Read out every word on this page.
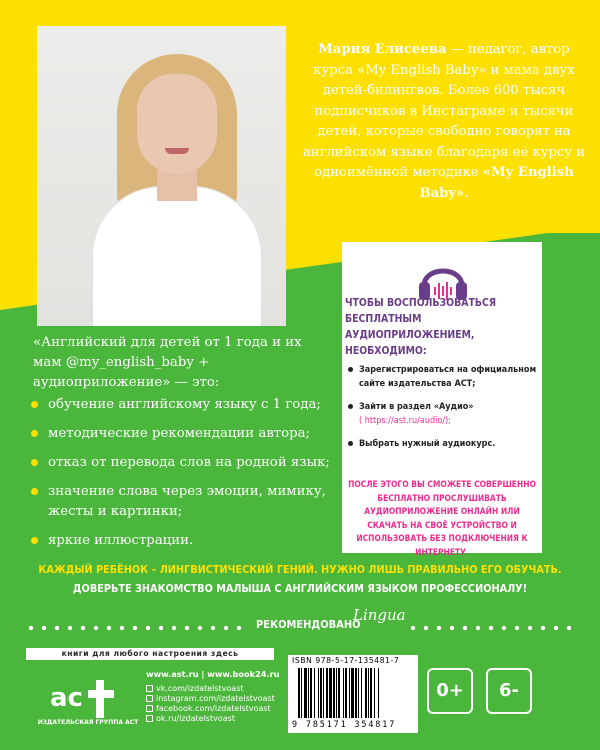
Мария Елисеева — педагог, автор курса «My English Baby» и мама двух детей-билингвов. Более 600 тысяч подписчиков в Инстаграме и тысячи детей, которые свободно говорят на английском языке благодаря её курсу и одноимённой методике «My English Baby».
«Английский для детей от 1 года и их мам @my_english_baby + аудиоприложение» — это:
обучение английскому языку с 1 года;
методические рекомендации автора;
отказ от перевода слов на родной язык;
значение слова через эмоции, мимику, жесты и картинки;
яркие иллюстрации.
ЧТОБЫ ВОСПОЛЬЗОВАТЬСЯ БЕСПЛАТНЫМ АУДИОПРИЛОЖЕНИЕМ, НЕОБХОДИМО:
Зарегистрироваться на официальном сайте издательства АСТ;
Зайти в раздел «Аудио»
( https://ast.ru/audio/);
Выбрать нужный аудиокурс.
ПОСЛЕ ЭТОГО ВЫ СМОЖЕТЕ СОВЕРШЕННО БЕСПЛАТНО ПРОСЛУШИВАТЬ АУДИОПРИЛОЖЕНИЕ ОНЛАЙН ИЛИ СКАЧАТЬ НА СВОЁ УСТРОЙСТВО И ИСПОЛЬЗОВАТЬ БЕЗ ПОДКЛЮЧЕНИЯ К ИНТЕРНЕТУ.
КАЖДЫЙ РЕБЁНОК – ЛИНГВИСТИЧЕСКИЙ ГЕНИЙ. НУЖНО ЛИШЬ ПРАВИЛЬНО ЕГО ОБУЧАТЬ.
ДОВЕРЬТЕ ЗНАКОМСТВО МАЛЫША С АНГЛИЙСКИМ ЯЗЫКОМ ПРОФЕССИОНАЛУ!
РЕКОМЕНДОВАНО
Lingua
книги для любого настроения здесь
ac
ИЗДАТЕЛЬСКАЯ ГРУППА АСТ
www.ast.ru | www.book24.ru
vk.com/izdatelstvoast
instagram.com/izdatelstvoast
facebook.com/izdatelstvoast
ok.ru/izdatelstvoast
ISBN 978-5-17-135481-7
9 785171 354817
0+	6-
